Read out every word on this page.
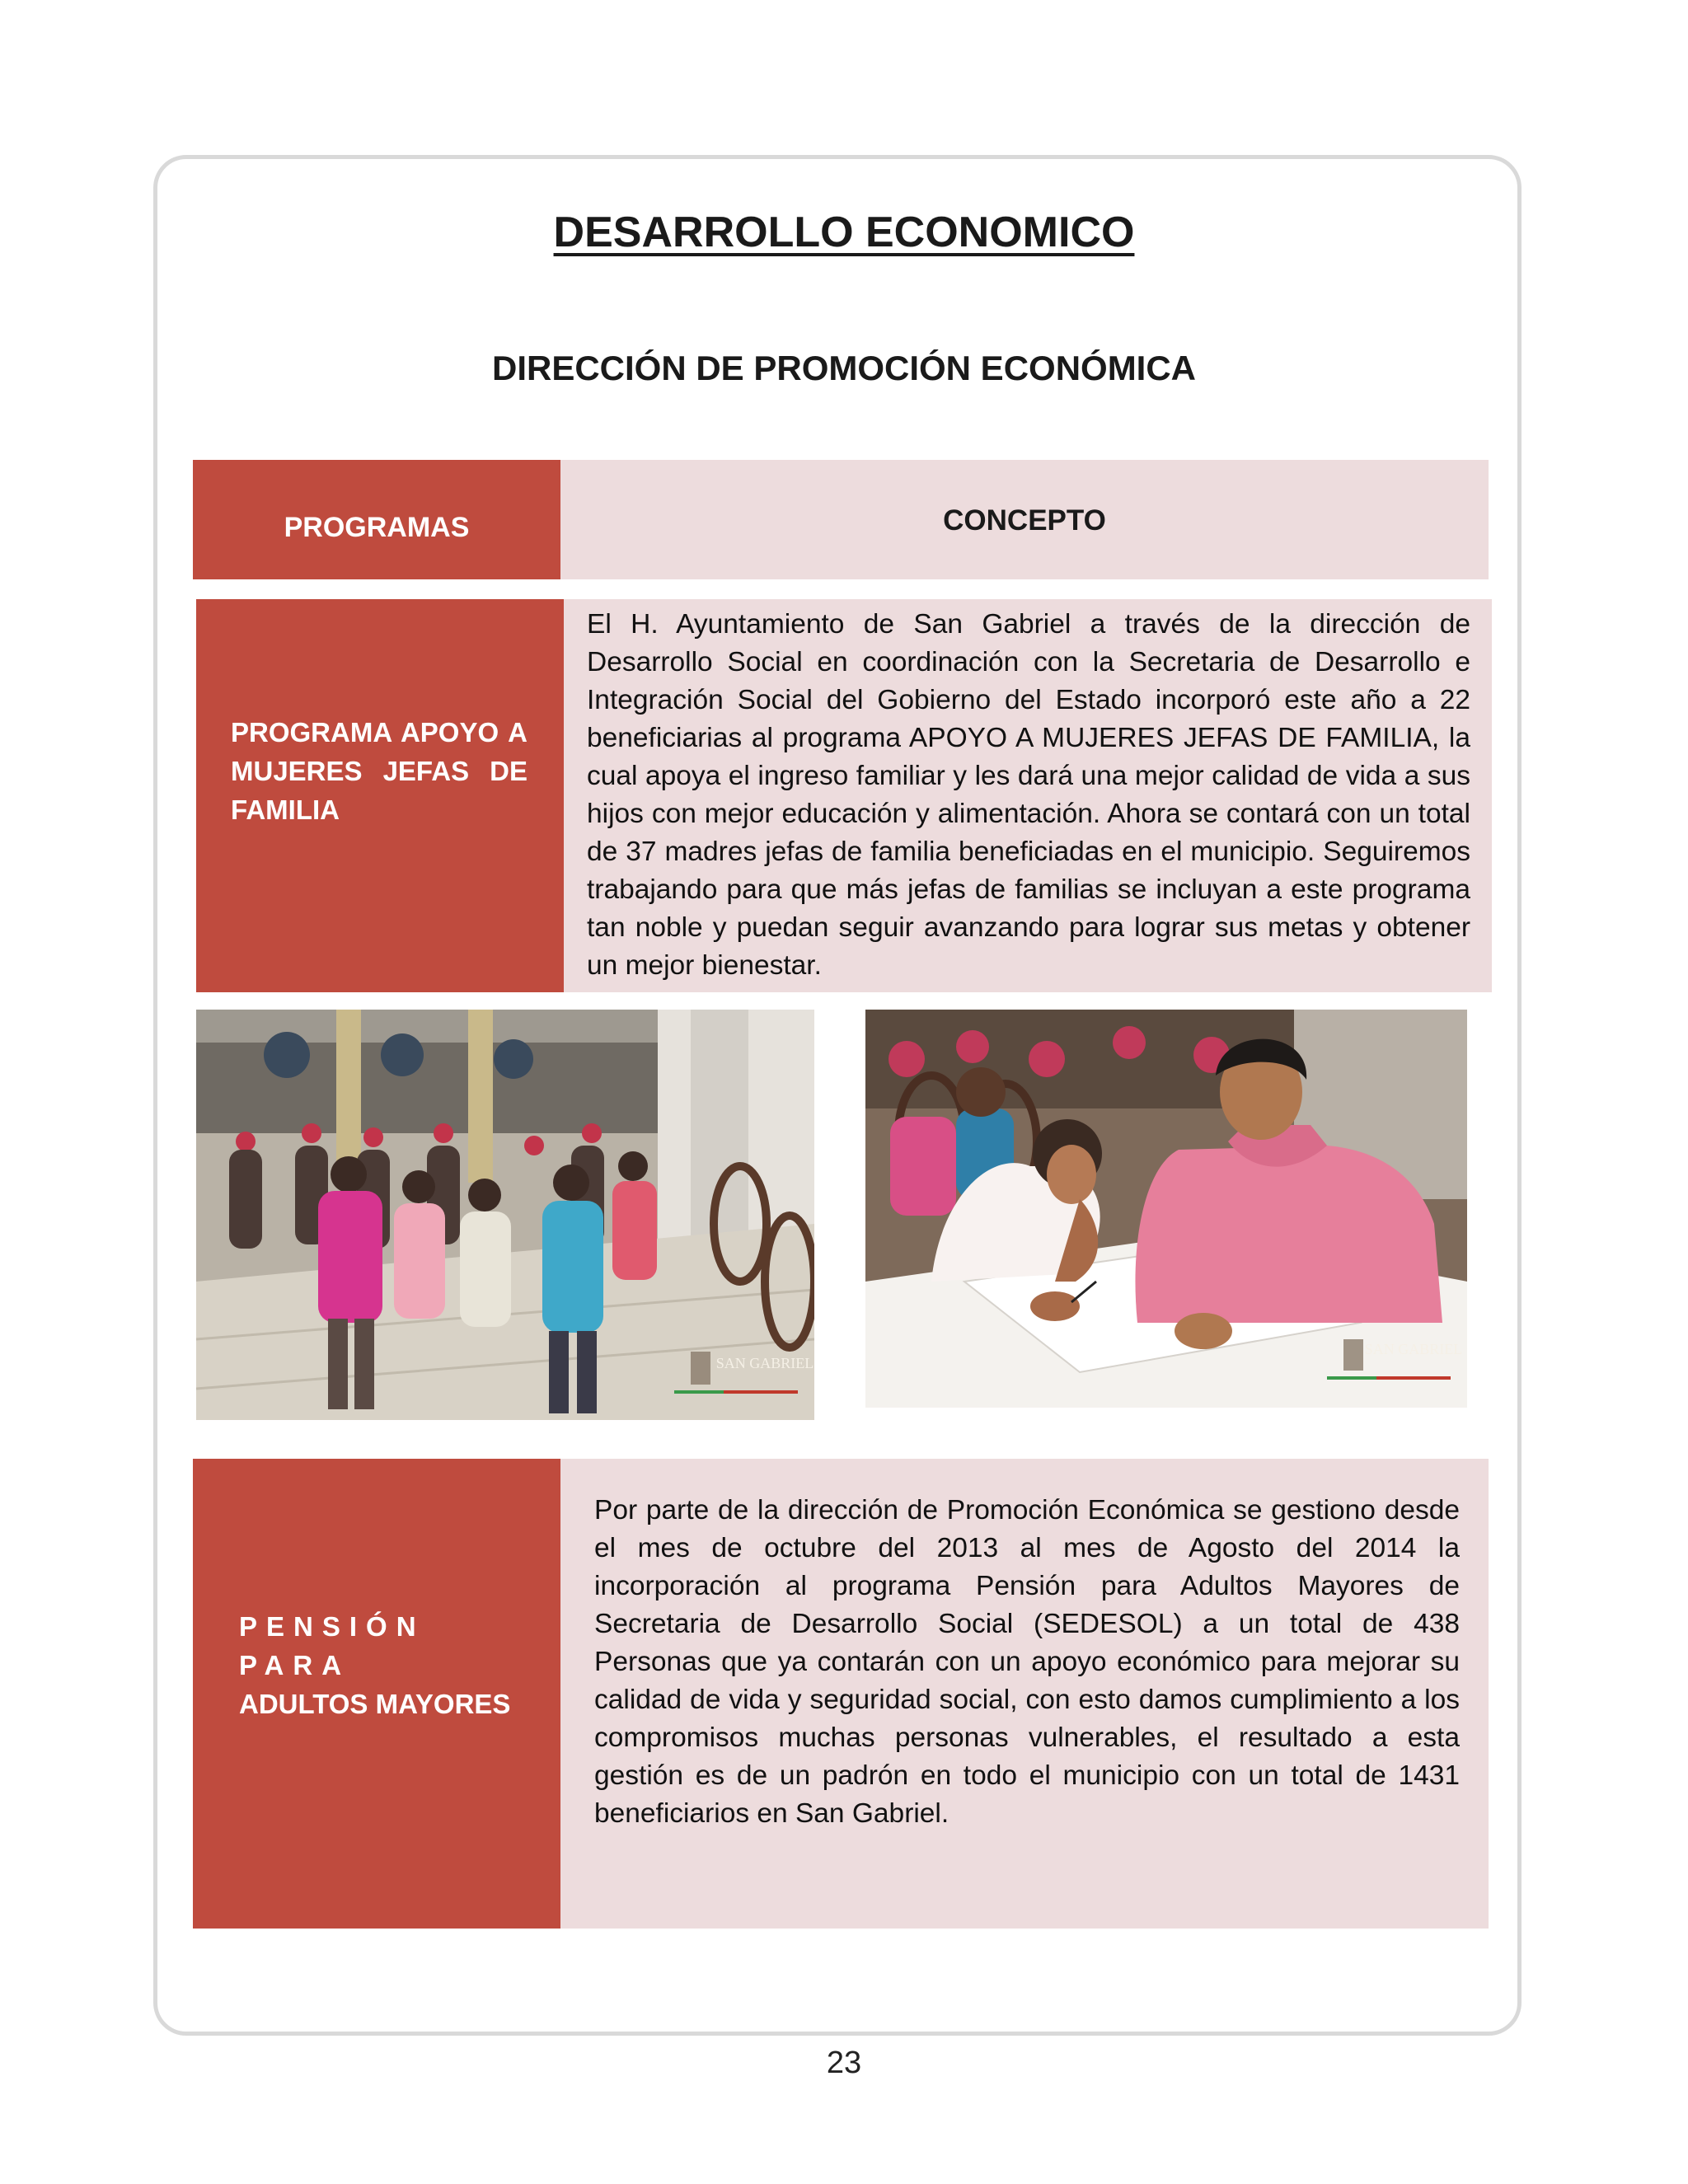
DESARROLLO ECONOMICO
DIRECCIÓN DE PROMOCIÓN ECONÓMICA
PROGRAMAS	CONCEPTO
PROGRAMA APOYO A MUJERES JEFAS DE FAMILIA
El H. Ayuntamiento de San Gabriel a través de la dirección de Desarrollo Social en coordinación con la Secretaria de Desarrollo e Integración Social del Gobierno del Estado incorporó este año a 22 beneficiarias al programa APOYO A MUJERES JEFAS DE FAMILIA, la cual apoya el ingreso familiar y les dará una mejor calidad de vida a sus hijos con mejor educación y alimentación. Ahora se contará con un total de 37 madres jefas de familia beneficiadas en el municipio. Seguiremos trabajando para que más jefas de familias se incluyan a este programa tan noble y puedan seguir avanzando para lograr sus metas y obtener un mejor bienestar.
SAN GABRIEL
SAN GABRIEL
PENSIÓN PARA
ADULTOS MAYORES
Por parte de la dirección de Promoción Económica se gestiono desde el mes de octubre del 2013 al mes de Agosto del 2014 la incorporación al programa Pensión para Adultos Mayores de Secretaria de Desarrollo Social (SEDESOL) a un total de 438 Personas que ya contarán con un apoyo económico para mejorar su calidad de vida y seguridad social, con esto damos cumplimiento a los compromisos muchas personas vulnerables, el resultado a esta gestión es de un padrón en todo el municipio con un total de 1431 beneficiarios en San Gabriel.
23
